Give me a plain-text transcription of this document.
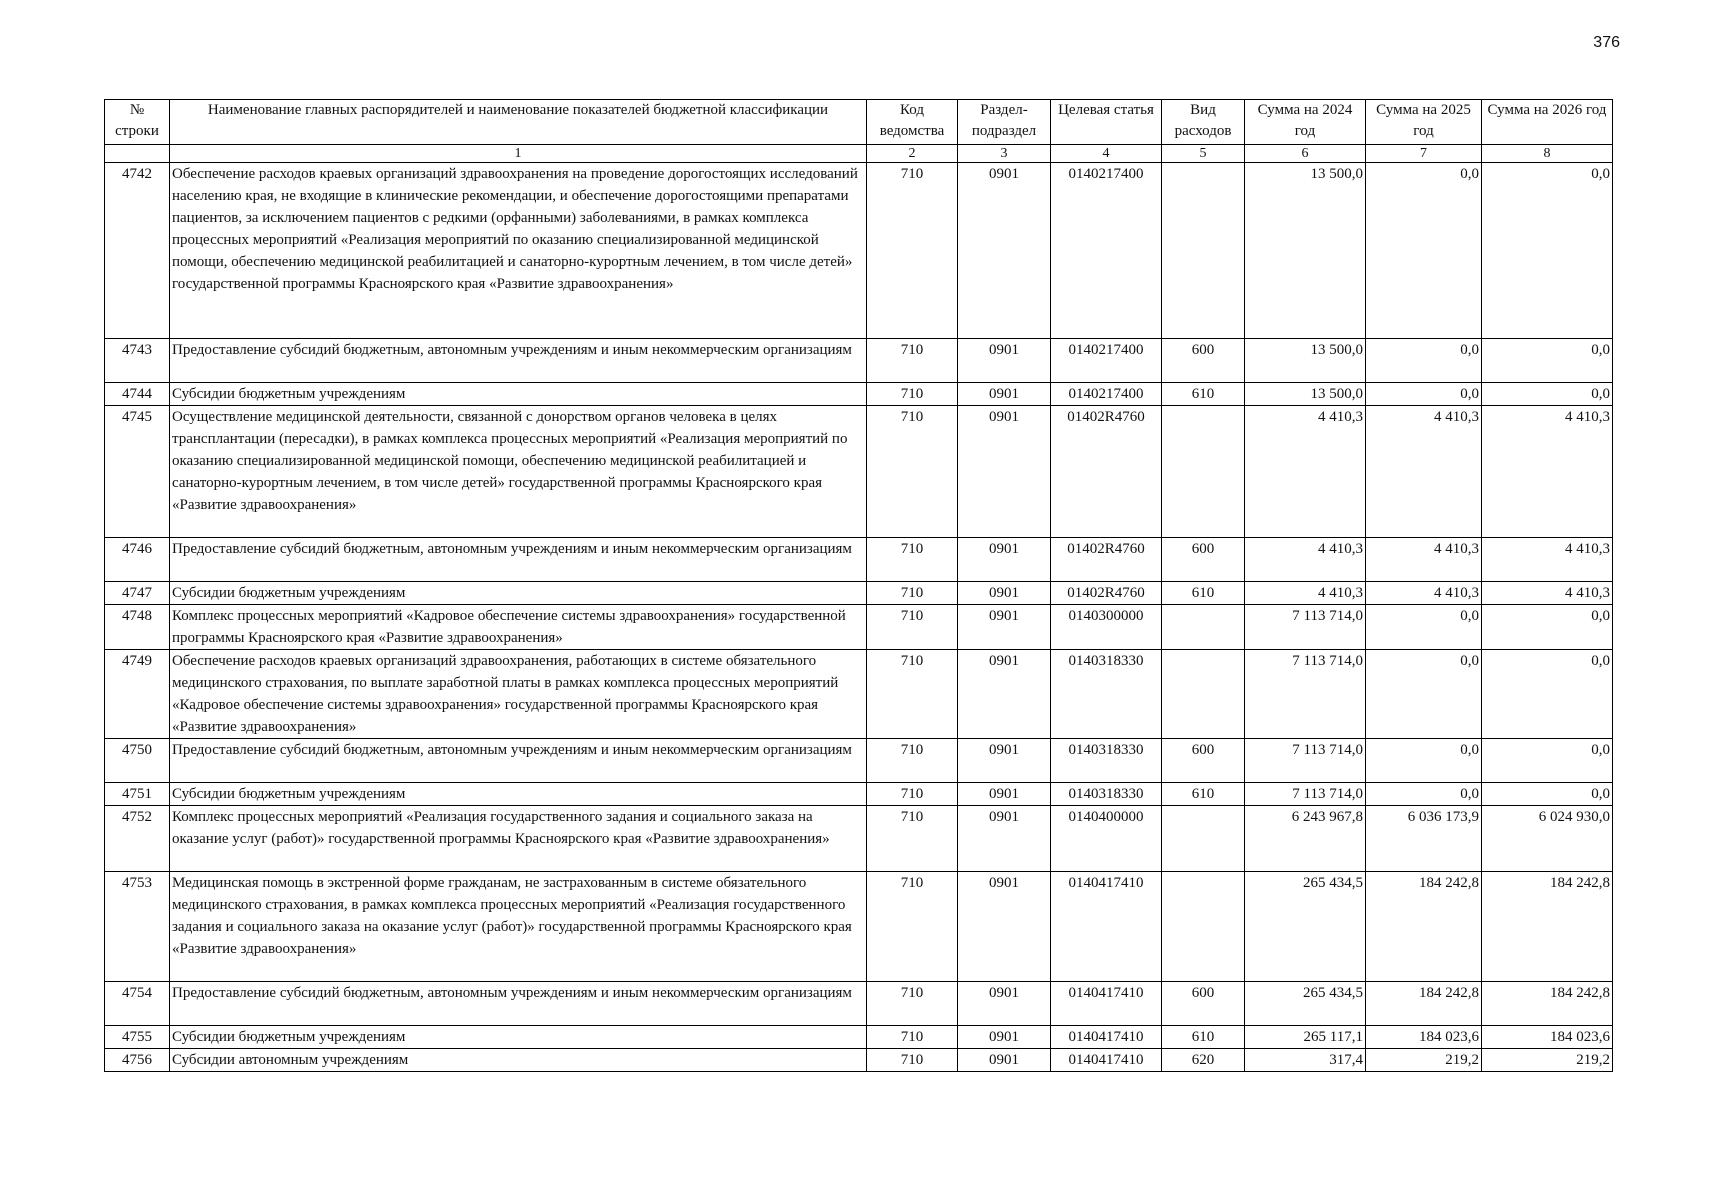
376
№ строки	Наименование главных распорядителей и наименование показателей бюджетной классификации	Код ведомства	Раздел-подраздел	Целевая статья	Вид расходов	Сумма на 2024 год	Сумма на 2025 год	Сумма на 2026 год
	1	2	3	4	5	6	7	8
4742	Обеспечение расходов краевых организаций здравоохранения на проведение дорогостоящих исследований населению края, не входящие в клинические рекомендации, и обеспечение дорогостоящими препаратами пациентов, за исключением пациентов с редкими (орфанными) заболеваниями, в рамках комплекса процессных мероприятий «Реализация мероприятий по оказанию специализированной медицинской помощи, обеспечению медицинской реабилитацией и санаторно-курортным лечением, в том числе детей» государственной программы Красноярского края «Развитие здравоохранения»	710	0901	0140217400		13 500,0	0,0	0,0
4743	Предоставление субсидий бюджетным, автономным учреждениям и иным некоммерческим организациям	710	0901	0140217400	600	13 500,0	0,0	0,0
4744	Субсидии бюджетным учреждениям	710	0901	0140217400	610	13 500,0	0,0	0,0
4745	Осуществление медицинской деятельности, связанной с донорством органов человека в целях трансплантации (пересадки), в рамках комплекса процессных мероприятий «Реализация мероприятий по оказанию специализированной медицинской помощи, обеспечению медицинской реабилитацией и санаторно-курортным лечением, в том числе детей» государственной программы Красноярского края «Развитие здравоохранения»	710	0901	01402R4760		4 410,3	4 410,3	4 410,3
4746	Предоставление субсидий бюджетным, автономным учреждениям и иным некоммерческим организациям	710	0901	01402R4760	600	4 410,3	4 410,3	4 410,3
4747	Субсидии бюджетным учреждениям	710	0901	01402R4760	610	4 410,3	4 410,3	4 410,3
4748	Комплекс процессных мероприятий «Кадровое обеспечение системы здравоохранения» государственной программы Красноярского края «Развитие здравоохранения»	710	0901	0140300000		7 113 714,0	0,0	0,0
4749	Обеспечение расходов краевых организаций здравоохранения, работающих в системе обязательного медицинского страхования, по выплате заработной платы в рамках комплекса процессных мероприятий «Кадровое обеспечение системы здравоохранения» государственной программы Красноярского края «Развитие здравоохранения»	710	0901	0140318330		7 113 714,0	0,0	0,0
4750	Предоставление субсидий бюджетным, автономным учреждениям и иным некоммерческим организациям	710	0901	0140318330	600	7 113 714,0	0,0	0,0
4751	Субсидии бюджетным учреждениям	710	0901	0140318330	610	7 113 714,0	0,0	0,0
4752	Комплекс процессных мероприятий «Реализация государственного задания и социального заказа на оказание услуг (работ)» государственной программы Красноярского края «Развитие здравоохранения»	710	0901	0140400000		6 243 967,8	6 036 173,9	6 024 930,0
4753	Медицинская помощь в экстренной форме гражданам, не застрахованным в системе обязательного медицинского страхования, в рамках комплекса процессных мероприятий «Реализация государственного задания и социального заказа на оказание услуг (работ)» государственной программы Красноярского края «Развитие здравоохранения»	710	0901	0140417410		265 434,5	184 242,8	184 242,8
4754	Предоставление субсидий бюджетным, автономным учреждениям и иным некоммерческим организациям	710	0901	0140417410	600	265 434,5	184 242,8	184 242,8
4755	Субсидии бюджетным учреждениям	710	0901	0140417410	610	265 117,1	184 023,6	184 023,6
4756	Субсидии автономным учреждениям	710	0901	0140417410	620	317,4	219,2	219,2
